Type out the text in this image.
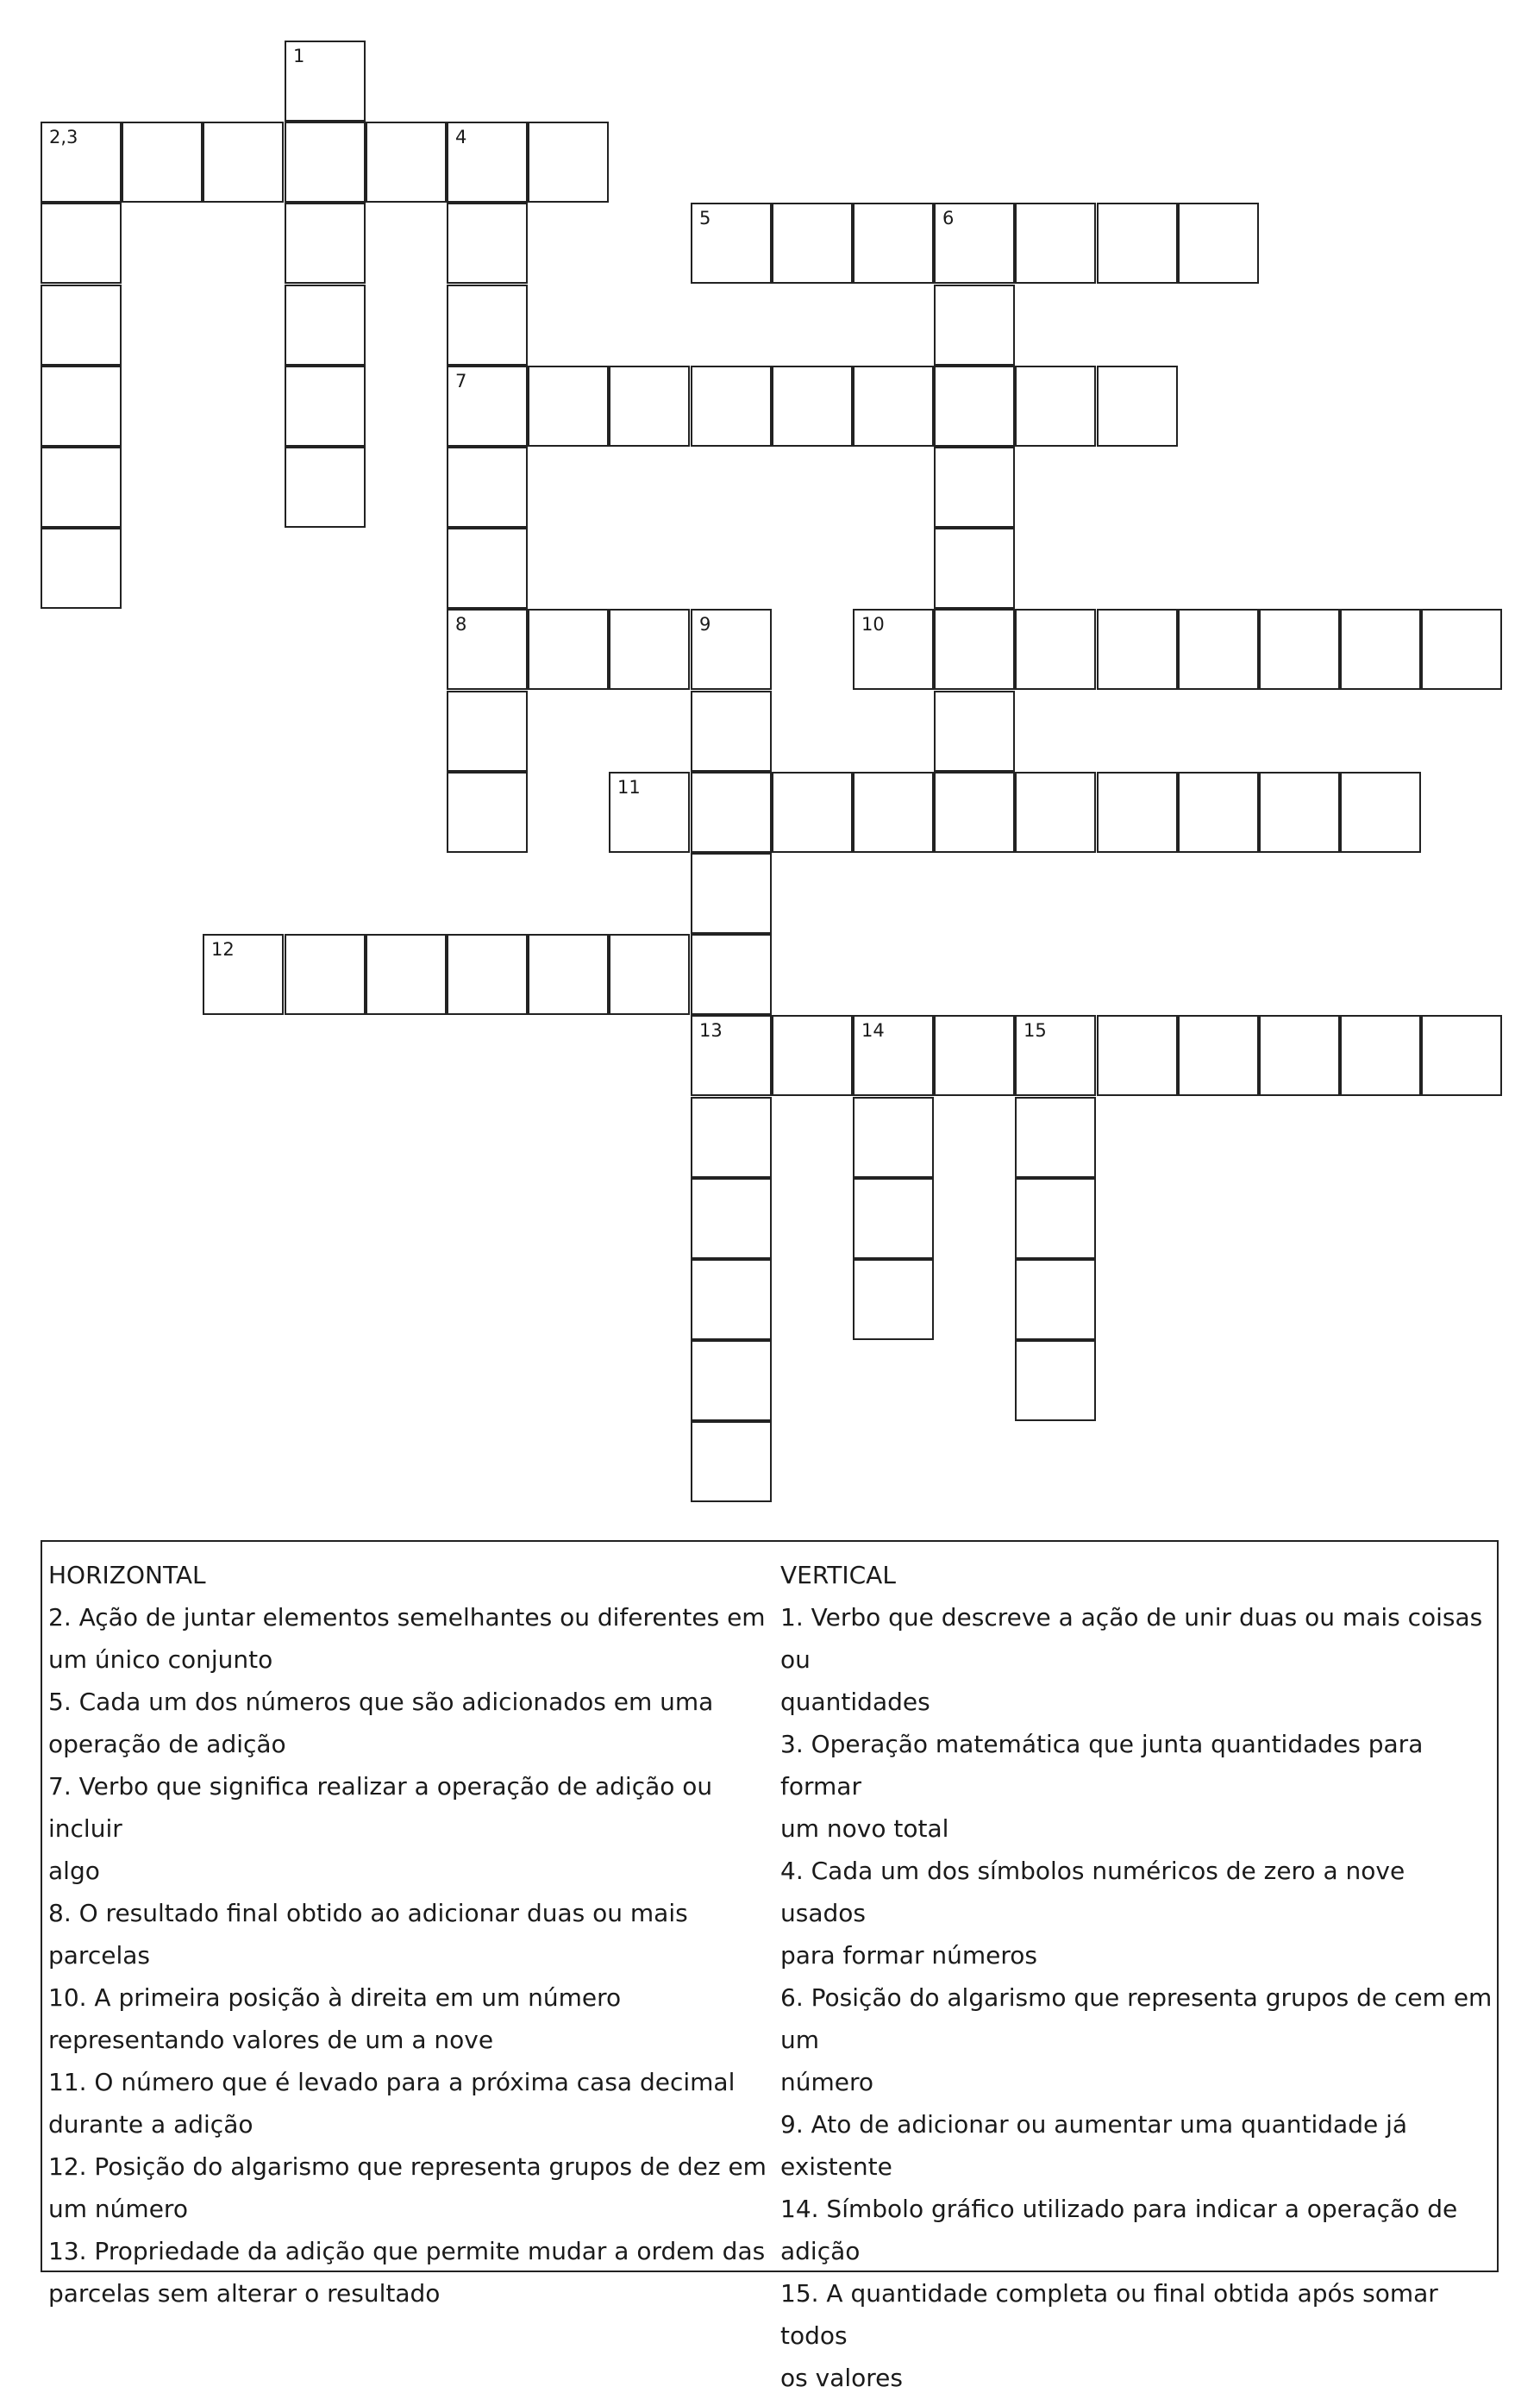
1
2,3	4
5	6
7
8	9	10
11
12
13	14	15
HORIZONTAL
2. Ação de juntar elementos semelhantes ou diferentes em
um único conjunto
5. Cada um dos números que são adicionados em uma
operação de adição
7. Verbo que significa realizar a operação de adição ou incluir
algo
8. O resultado final obtido ao adicionar duas ou mais parcelas
10. A primeira posição à direita em um número
representando valores de um a nove
11. O número que é levado para a próxima casa decimal
durante a adição
12. Posição do algarismo que representa grupos de dez em
um número
13. Propriedade da adição que permite mudar a ordem das
parcelas sem alterar o resultado
VERTICAL
1. Verbo que descreve a ação de unir duas ou mais coisas ou
quantidades
3. Operação matemática que junta quantidades para formar
um novo total
4. Cada um dos símbolos numéricos de zero a nove usados
para formar números
6. Posição do algarismo que representa grupos de cem em um
número
9. Ato de adicionar ou aumentar uma quantidade já existente
14. Símbolo gráfico utilizado para indicar a operação de
adição
15. A quantidade completa ou final obtida após somar todos
os valores
